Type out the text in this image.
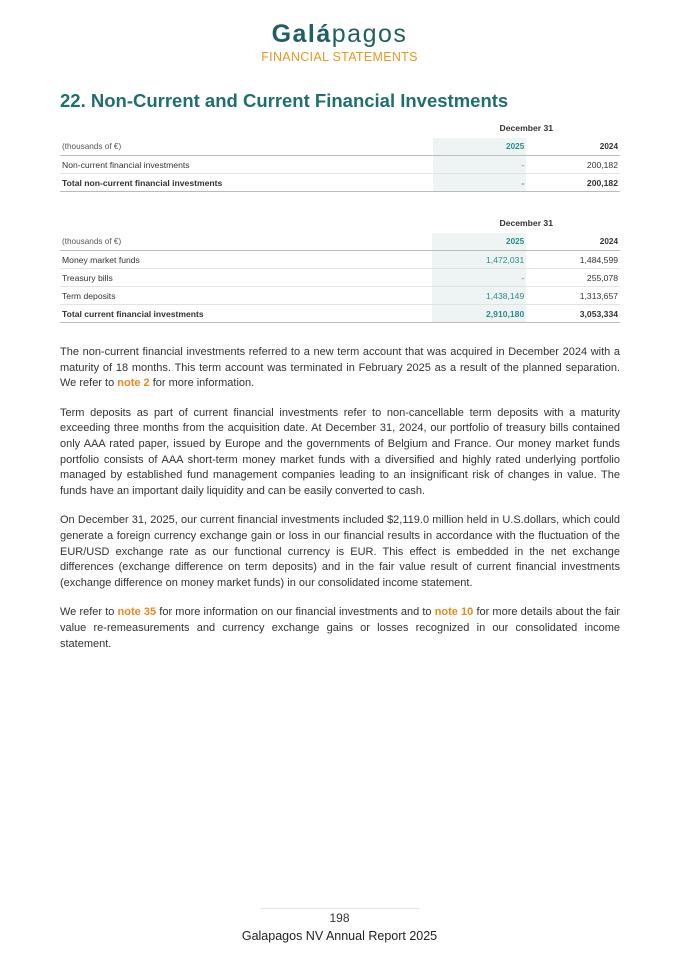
Galápagos
FINANCIAL STATEMENTS
22. Non-Current and Current Financial Investments
	December 31	
(thousands of €)	2025	2024
Non-current financial investments	-	200,182
Total non-current financial investments	-	200,182
	December 31	
(thousands of €)	2025	2024
Money market funds	1,472,031	1,484,599
Treasury bills	-	255,078
Term deposits	1,438,149	1,313,657
Total current financial investments	2,910,180	3,053,334

The non-current financial investments referred to a new term account that was acquired in December 2024 with a maturity of 18 months. This term account was terminated in February 2025 as a result of the planned separation. We refer to note 2 for more information.

Term deposits as part of current financial investments refer to non-cancellable term deposits with a maturity exceeding three months from the acquisition date. At December 31, 2024, our portfolio of treasury bills contained only AAA rated paper, issued by Europe and the governments of Belgium and France. Our money market funds portfolio consists of AAA short-term money market funds with a diversified and highly rated underlying portfolio managed by established fund management companies leading to an insignificant risk of changes in value. The funds have an important daily liquidity and can be easily converted to cash.

On December 31, 2025, our current financial investments included $2,119.0 million held in U.S.dollars, which could generate a foreign currency exchange gain or loss in our financial results in accordance with the fluctuation of the EUR/USD exchange rate as our functional currency is EUR. This effect is embedded in the net exchange differences (exchange difference on term deposits) and in the fair value result of current financial investments (exchange difference on money market funds) in our consolidated income statement.

We refer to note 35 for more information on our financial investments and to note 10 for more details about the fair value re-remeasurements and currency exchange gains or losses recognized in our consolidated income statement.

198
Galapagos NV Annual Report 2025
